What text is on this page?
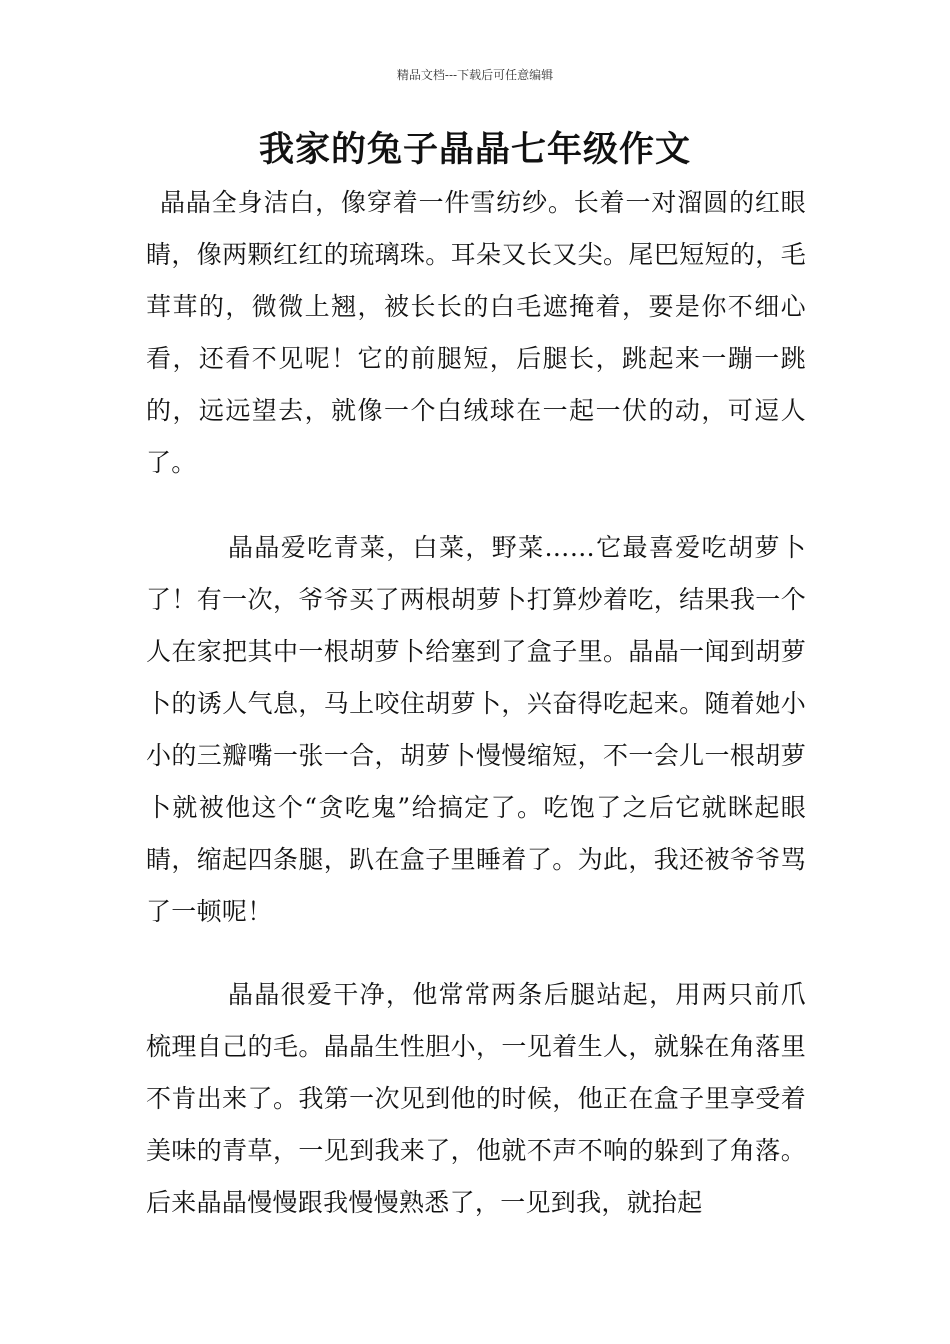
精品文档---下载后可任意编辑
我家的兔子晶晶七年级作文

晶晶全身洁白，像穿着一件雪纺纱。长着一对溜圆的红眼睛，像两颗红红的琉璃珠。耳朵又长又尖。尾巴短短的，毛茸茸的，微微上翘，被长长的白毛遮掩着，要是你不细心看，还看不见呢！它的前腿短，后腿长，跳起来一蹦一跳的，远远望去，就像一个白绒球在一起一伏的动，可逗人了。

晶晶爱吃青菜，白菜，野菜……它最喜爱吃胡萝卜了！有一次，爷爷买了两根胡萝卜打算炒着吃，结果我一个人在家把其中一根胡萝卜给塞到了盒子里。晶晶一闻到胡萝卜的诱人气息，马上咬住胡萝卜，兴奋得吃起来。随着她小小的三瓣嘴一张一合，胡萝卜慢慢缩短，不一会儿一根胡萝卜就被他这个“贪吃鬼”给搞定了。吃饱了之后它就眯起眼睛，缩起四条腿，趴在盒子里睡着了。为此，我还被爷爷骂了一顿呢！

晶晶很爱干净，他常常两条后腿站起，用两只前爪梳理自己的毛。晶晶生性胆小，一见着生人，就躲在角落里不肯出来了。我第一次见到他的时候，他正在盒子里享受着美味的青草，一见到我来了，他就不声不响的躲到了角落。后来晶晶慢慢跟我慢慢熟悉了，一见到我，就抬起
